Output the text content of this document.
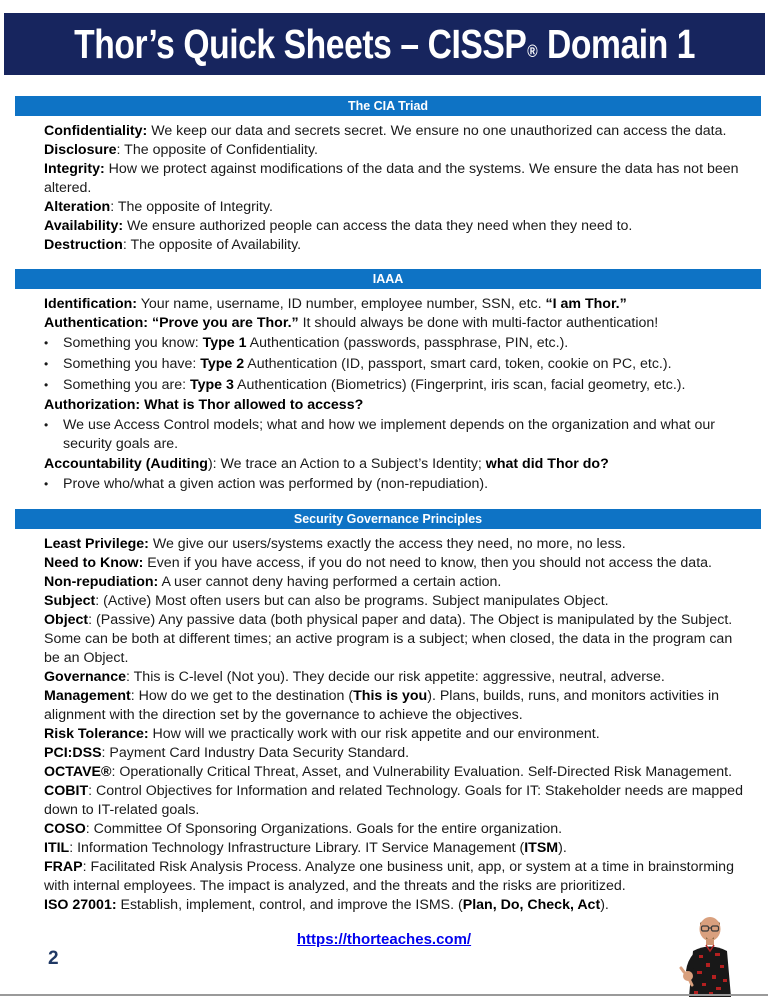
Thor’s Quick Sheets – CISSP® Domain 1
The CIA Triad
Confidentiality: We keep our data and secrets secret. We ensure no one unauthorized can access the data.
Disclosure: The opposite of Confidentiality.
Integrity: How we protect against modifications of the data and the systems. We ensure the data has not been altered.
Alteration: The opposite of Integrity.
Availability: We ensure authorized people can access the data they need when they need to.
Destruction: The opposite of Availability.
IAAA
Identification: Your name, username, ID number, employee number, SSN, etc. “I am Thor.”
Authentication: “Prove you are Thor.” It should always be done with multi-factor authentication!
•	Something you know: Type 1 Authentication (passwords, passphrase, PIN, etc.).
•	Something you have: Type 2 Authentication (ID, passport, smart card, token, cookie on PC, etc.).
•	Something you are: Type 3 Authentication (Biometrics) (Fingerprint, iris scan, facial geometry, etc.).
Authorization: What is Thor allowed to access?
•	We use Access Control models; what and how we implement depends on the organization and what our security goals are.
Accountability (Auditing): We trace an Action to a Subject’s Identity; what did Thor do?
•	Prove who/what a given action was performed by (non-repudiation).
Security Governance Principles
Least Privilege: We give our users/systems exactly the access they need, no more, no less.
Need to Know: Even if you have access, if you do not need to know, then you should not access the data.
Non-repudiation: A user cannot deny having performed a certain action.
Subject: (Active) Most often users but can also be programs. Subject manipulates Object.
Object: (Passive) Any passive data (both physical paper and data). The Object is manipulated by the Subject. Some can be both at different times; an active program is a subject; when closed, the data in the program can be an Object.
Governance: This is C-level (Not you). They decide our risk appetite: aggressive, neutral, adverse.
Management: How do we get to the destination (This is you). Plans, builds, runs, and monitors activities in alignment with the direction set by the governance to achieve the objectives.
Risk Tolerance: How will we practically work with our risk appetite and our environment.
PCI:DSS: Payment Card Industry Data Security Standard.
OCTAVE®: Operationally Critical Threat, Asset, and Vulnerability Evaluation. Self-Directed Risk Management.
COBIT: Control Objectives for Information and related Technology. Goals for IT: Stakeholder needs are mapped down to IT-related goals.
COSO: Committee Of Sponsoring Organizations. Goals for the entire organization.
ITIL: Information Technology Infrastructure Library. IT Service Management (ITSM).
FRAP: Facilitated Risk Analysis Process. Analyze one business unit, app, or system at a time in brainstorming with internal employees. The impact is analyzed, and the threats and the risks are prioritized.
ISO 27001: Establish, implement, control, and improve the ISMS. (Plan, Do, Check, Act).
https://thorteaches.com/
2
